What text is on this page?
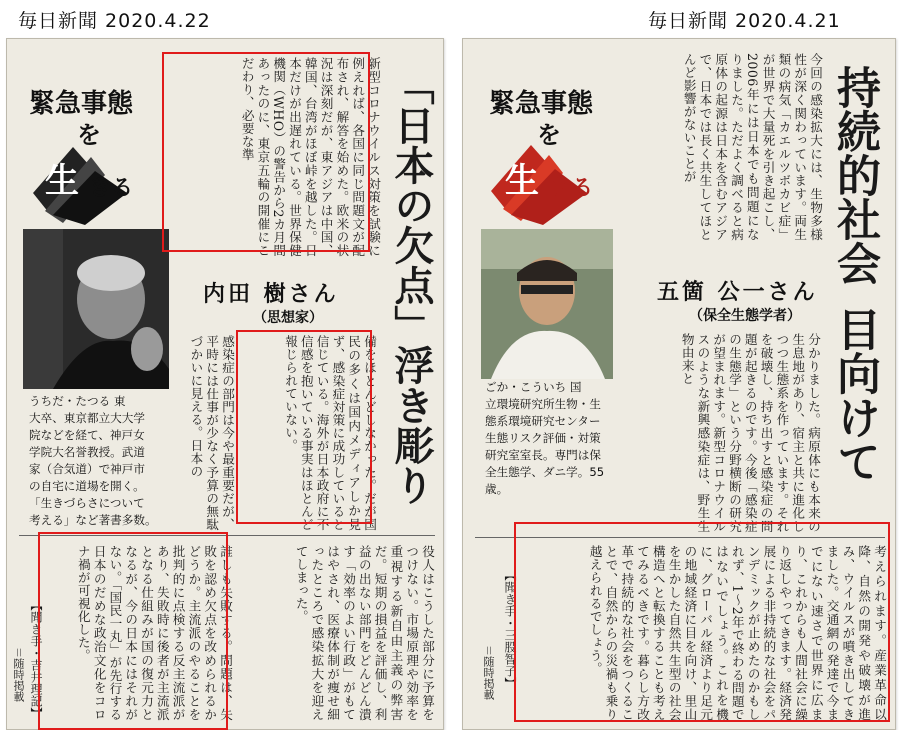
毎日新聞 2020.4.22	毎日新聞 2020.4.21
緊急事態
を
生 きる	新型コロナウイルス対策を試験に例えれば、各国に同じ問題文が配布され、解答を始めた。欧米の状況は深刻だが、東アジアは中国、韓国、台湾がほぼ峠を越した。日本だけが出遅れている。世界保健機関（WHO）の警告から2カ月間あったのに、東京五輪の開催にこだわり、必要な準	「日本の欠点」浮き彫り
内田 樹さん
（思想家）
うちだ・たつる 東
大卒、東京都立大大学
院などを経て、神戸女
学院大名誉教授。武道
家（合気道）で神戸市
の自宅に道場を開く。
「生きづらさについて
考える」など著書多数。	備をほとんどしなかった。だが国民の多くは国内メディアしか見ず、感染症対策に成功していると信じている。海外が日本政府に不信感を抱いている事実はほとんど報じられていない。
感染症の部門は今や最重要だが、平時には仕事が少なく予算の無駄づかいに見える。日本の
役人はこうした部分に予算をつけない。市場原理や効率を重視する新自由主義の弊害だ。短期の損益を評価し、利益の出ない部門をどんどん潰す「効率のよい行政」がもてはやされ、医療体制が痩せ細ったところで感染拡大を迎えてしまった。
誰しも失敗する。問題は、失敗を認め欠点を改められるかどうか。主流派のやることを批判的に点検する反主流派があり、失敗時に後者が主流派となる仕組みが国の復元力となるが、今の日本にはそれがない。「国民一丸」が先行する日本のだめな政治文化をコロナ禍が可視化した。
【聞き手・吉井理記】
＝随時掲載
今回の感染拡大には、生物多様性が深く関わっています。両生類の病気「カエルツボカビ症」が世界で大量死を引き起こし、2006年には日本でも問題になりました。ただよく調べると病原体の起源は日本を含むアジアで、日本では長く共生してほとんど影響がないことが
緊急事態
を
生 きる	持続的社会
目向けて
五箇 公一さん
（保全生態学者）
ごか・こういち 国
立環境研究所生物・生
態系環境研究センター
生態リスク評価・対策
研究室室長。専門は保
全生態学、ダニ学。55
歳。	分かりました。病原体にも本来の生息地があり、宿主と共に進化しつつ生態系を作っています。それを破壊し、持ち出すと感染症の問題が起きるのです。今後「感染症の生態学」という分野横断の研究が望まれます。新型コロナウイルスのような新興感染症は、野生生物由来と
考えられます。産業革命以降、自然の開発や破壊が進み、ウイルスが噴き出してきました。交通網の発達で今までにない速さで世界に広まり、これからも人間社会に繰り返しやってきます。経済発展による非持続的な社会をパンデミックが止めたのかもしれず、1〜2年で終わる問題ではないでしょう。これを機に、グローバル経済より足元の地域経済に目を向け、里山を生かした自然共生型の社会構造へと転換することも考えてみるべきです。暮らし方改革で持続的な社会をつくることで、自然からの災禍も乗り越えられるでしょう。
【聞き手・三股智子】
＝随時掲載
